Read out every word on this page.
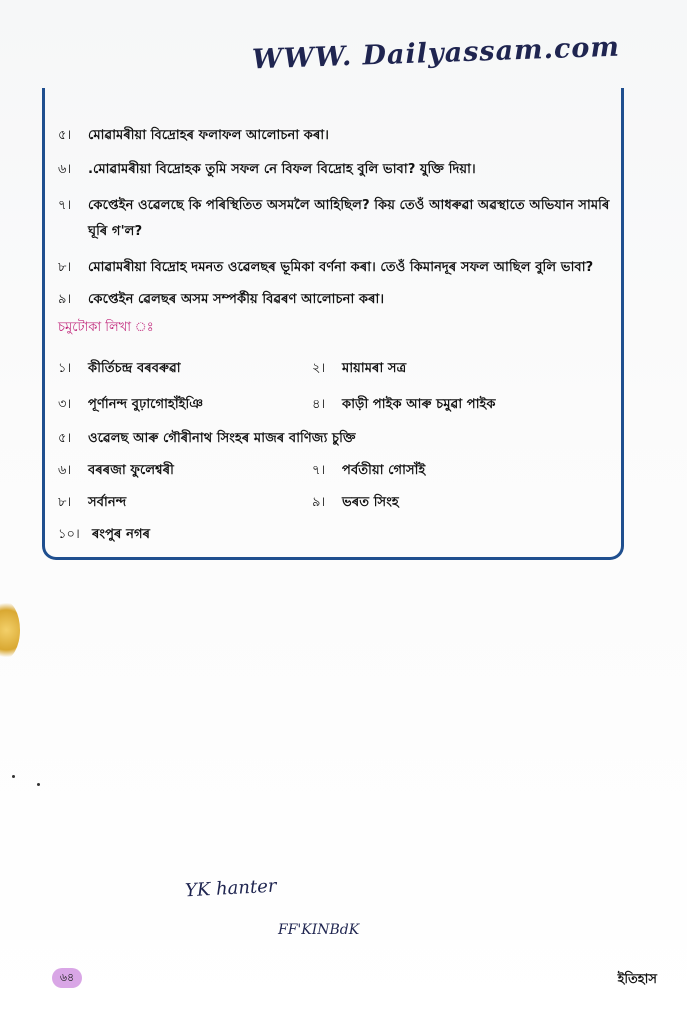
WWW. Dailyassam.com
৫। মোৱামৰীয়া বিদ্ৰোহৰ ফলাফল আলোচনা কৰা।
৬। .মোৱামৰীয়া বিদ্ৰোহক তুমি সফল নে বিফল বিদ্ৰোহ বুলি ভাবা? যুক্তি দিয়া।
৭। কেপ্তেইন ওৱেলছে কি পৰিস্থিতিত অসমলৈ আহিছিল? কিয় তেওঁ আধৰুৱা অৱস্থাতে অভিযান সামৰি
ঘূৰি গ'ল?
৮। মোৱামৰীয়া বিদ্ৰোহ দমনত ওৱেলছৰ ভূমিকা বৰ্ণনা কৰা। তেওঁ কিমানদূৰ সফল আছিল বুলি ভাবা?
৯। কেপ্তেইন ৱেলছৰ অসম সম্পৰ্কীয় বিৱৰণ আলোচনা কৰা।
চমুটোকা লিখা ঃ
১। কীৰ্তিচন্দ্ৰ বৰবৰুৱা	২। মায়ামৰা সত্ৰ
৩। পূৰ্ণানন্দ বুঢ়াগোহাঁইঞি	৪। কাড়ী পাইক আৰু চমুৱা পাইক
৫। ওৱেলছ আৰু গৌৰীনাথ সিংহৰ মাজৰ বাণিজ্য চুক্তি
৬। বৰৰজা ফুলেশ্বৰী	৭। পৰ্বতীয়া গোসাঁই
৮। সৰ্বানন্দ	৯। ভৰত সিংহ
১০। ৰংপুৰ নগৰ
YK hanter
FF'KINBdK
৬৪	ইতিহাস
